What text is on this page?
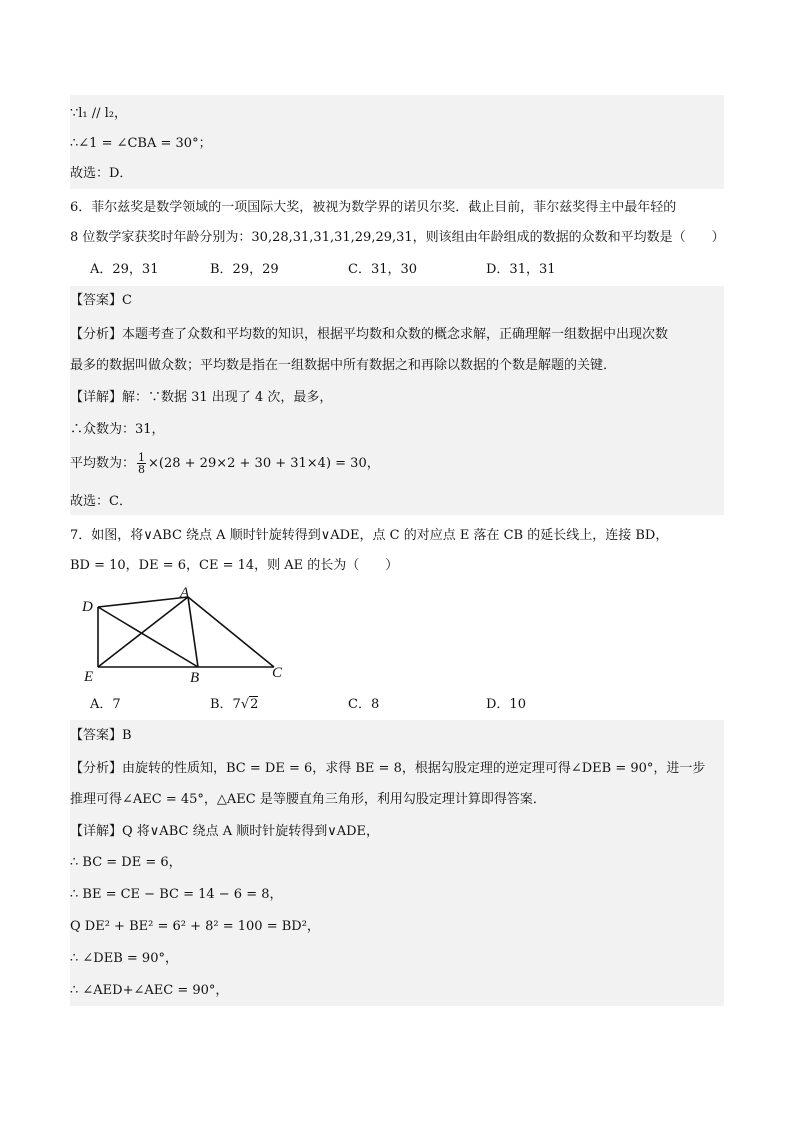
∵l₁ // l₂，
∴∠1 = ∠CBA = 30°；
故选：D．
6．菲尔兹奖是数学领域的一项国际大奖，被视为数学界的诺贝尔奖．截止目前，菲尔兹奖得主中最年轻的
8 位数学家获奖时年龄分别为：30,28,31,31,31,29,29,31，则该组由年龄组成的数据的众数和平均数是（　　）
A．29，31	B．29，29	C．31，30	D．31，31
【答案】C
【分析】本题考查了众数和平均数的知识，根据平均数和众数的概念求解，正确理解一组数据中出现次数
最多的数据叫做众数；平均数是指在一组数据中所有数据之和再除以数据的个数是解题的关键．
【详解】解：∵数据 31 出现了 4 次，最多，
∴众数为：31，
平均数为： $\frac{1}{8} \times(28 + 29\times 2 + 30 + 31\times 4) = 30$，
故选：C．
7．如图，将∨ABC 绕点 A 顺时针旋转得到∨ADE，点 C 的对应点 E 落在 CB 的延长线上，连接 BD，
BD = 10，DE = 6，CE = 14，则 AE 的长为（　　）
D
A
E	B	C
A．7	B．7√2	C．8	D．10
【答案】B
【分析】由旋转的性质知，BC = DE = 6，求得 BE = 8，根据勾股定理的逆定理可得∠DEB = 90°，进一步
推理可得∠AEC = 45°，△AEC 是等腰直角三角形，利用勾股定理计算即得答案．
【详解】Q 将∨ABC 绕点 A 顺时针旋转得到∨ADE，
∴ BC = DE = 6，
∴ BE = CE − BC = 14 − 6 = 8，
Q DE² + BE² = 6² + 8² = 100 = BD²，
∴ ∠DEB = 90°，
∴ ∠AED+∠AEC = 90°，
